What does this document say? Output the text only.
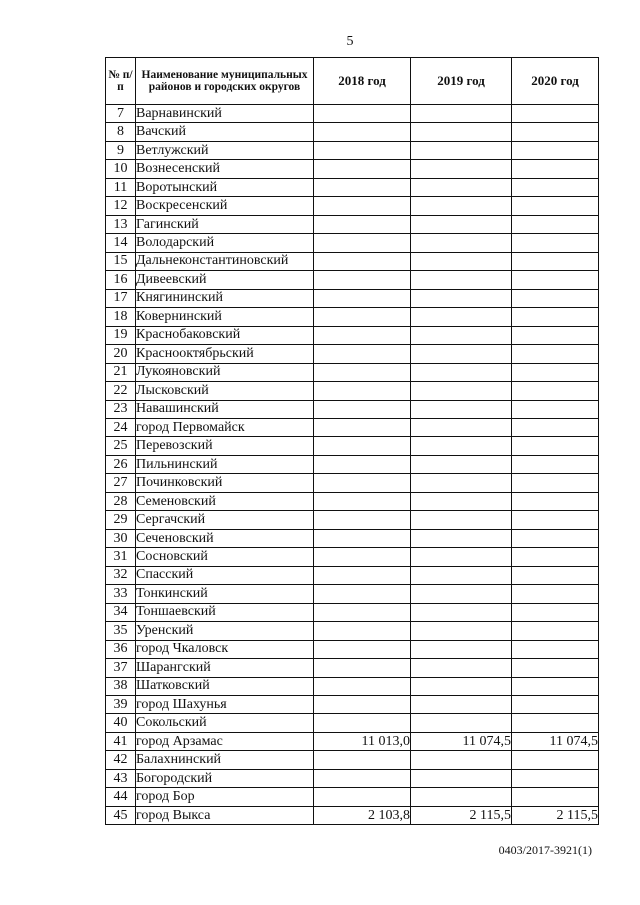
5
№ п/п	Наименование муниципальных районов и городских округов	2018 год	2019 год	2020 год
7	Варнавинский			
8	Вачский			
9	Ветлужский			
10	Вознесенский			
11	Воротынский			
12	Воскресенский			
13	Гагинский			
14	Володарский			
15	Дальнеконстантиновский			
16	Дивеевский			
17	Княгининский			
18	Ковернинский			
19	Краснобаковский			
20	Краснооктябрьский			
21	Лукояновский			
22	Лысковский			
23	Навашинский			
24	город Первомайск			
25	Перевозский			
26	Пильнинский			
27	Починковский			
28	Семеновский			
29	Сергачский			
30	Сеченовский			
31	Сосновский			
32	Спасский			
33	Тонкинский			
34	Тоншаевский			
35	Уренский			
36	город Чкаловск			
37	Шарангский			
38	Шатковский			
39	город Шахунья			
40	Сокольский			
41	город Арзамас	11 013,0	11 074,5	11 074,5
42	Балахнинский			
43	Богородский			
44	город Бор			
45	город Выкса	2 103,8	2 115,5	2 115,5
0403/2017-3921(1)
